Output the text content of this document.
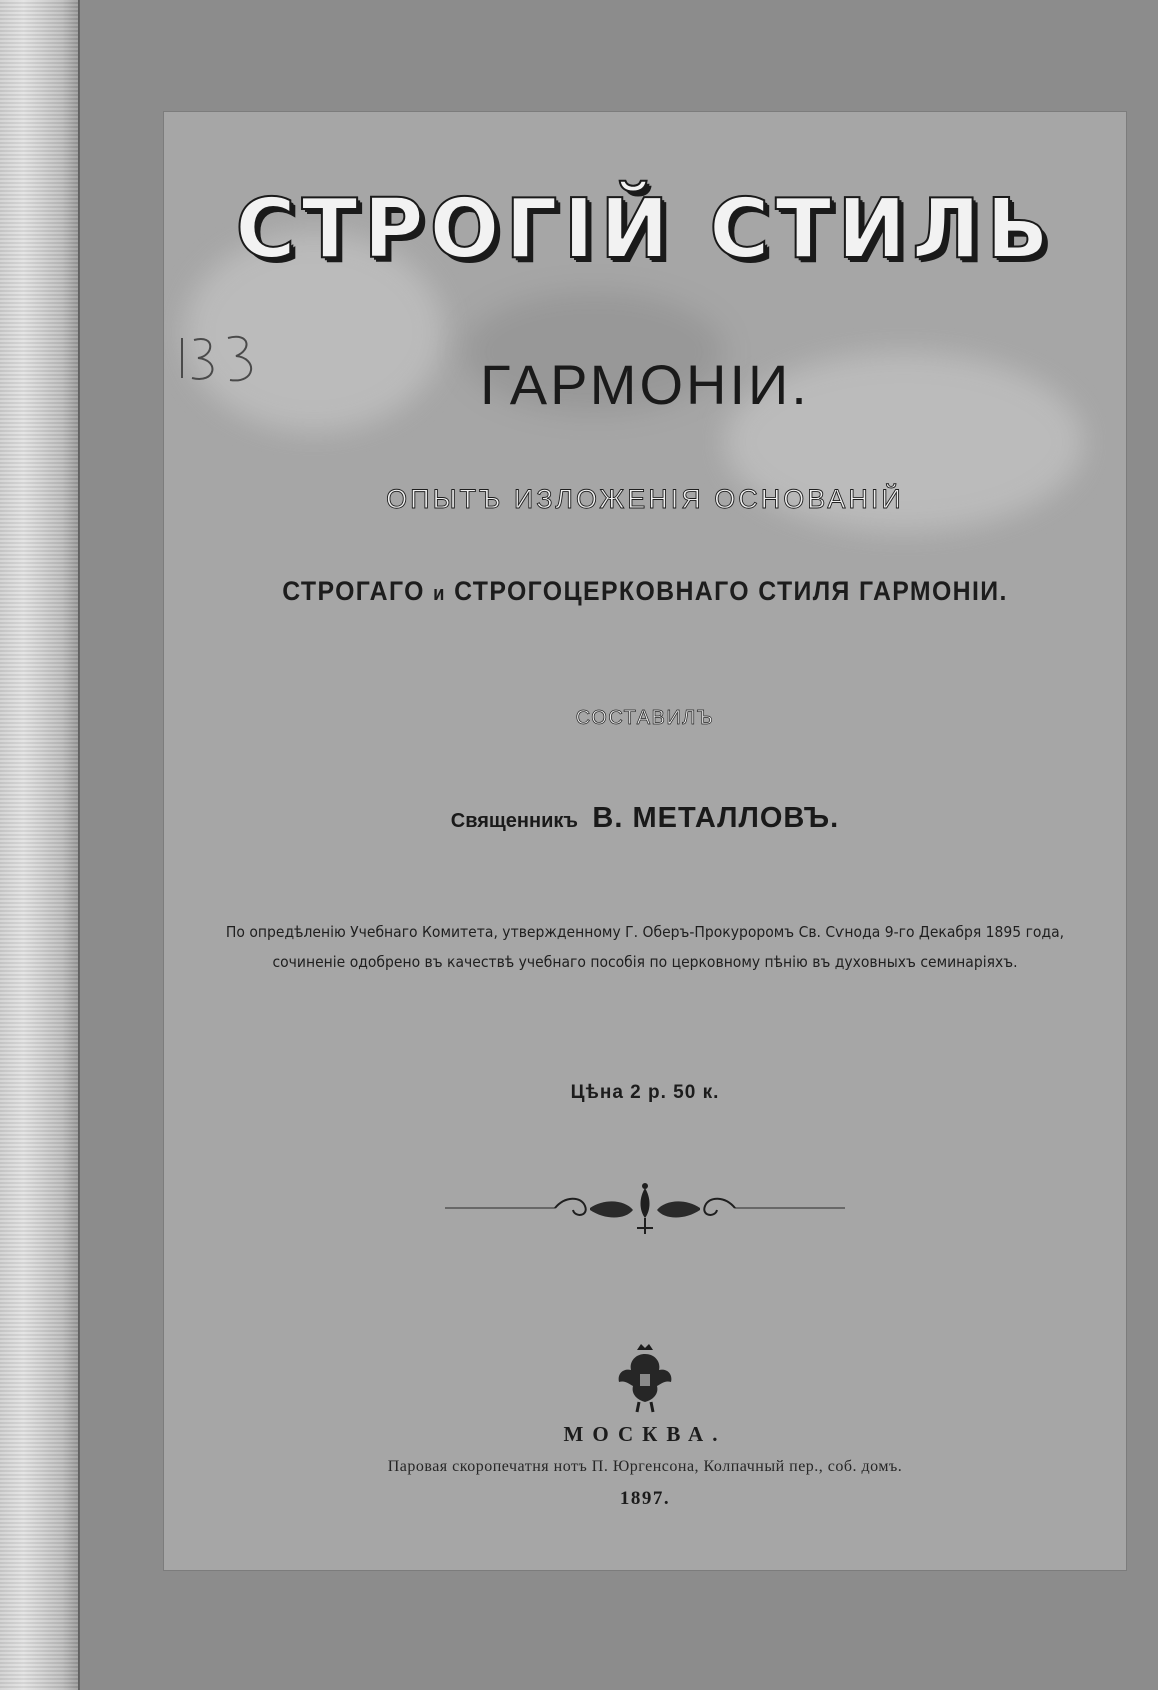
СТРОГІЙ СТИЛЬ
ГАРМОНІИ.
ОПЫТЪ ИЗЛОЖЕНІЯ ОСНОВАНІЙ
СТРОГАГО и СТРОГОЦЕРКОВНАГО СТИЛЯ ГАРМОНІИ.
СОСТАВИЛЪ
Священникъ В. МЕТАЛЛОВЪ.
По опредѣленію Учебнаго Комитета, утвержденному Г. Оберъ-Прокуроромъ Св. Сѵнода 9-го Декабря 1895 года,
сочиненіе одобрено въ качествѣ учебнаго пособія по церковному пѣнію въ духовныхъ семинаріяхъ.
Цѣна 2 р. 50 к.
МОСКВА.
Паровая скоропечатня нотъ П. Юргенсона, Колпачный пер., соб. домъ.
1897.
